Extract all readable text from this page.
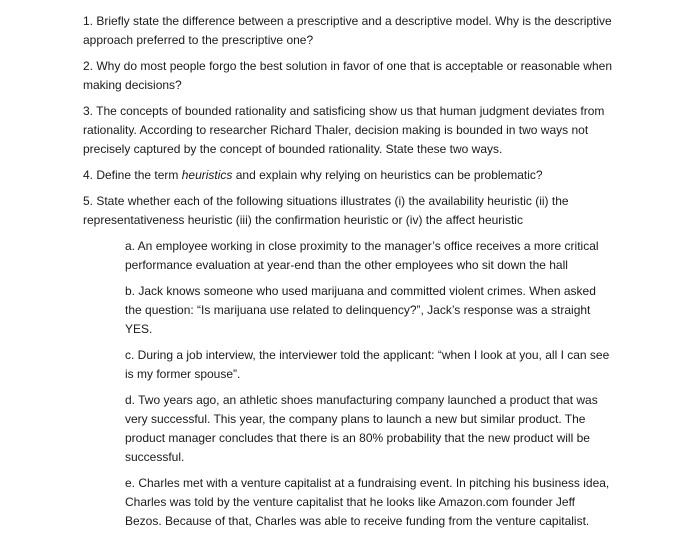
1. Briefly state the difference between a prescriptive and a descriptive model. Why is the descriptive approach preferred to the prescriptive one?

2. Why do most people forgo the best solution in favor of one that is acceptable or reasonable when making decisions?

3. The concepts of bounded rationality and satisficing show us that human judgment deviates from rationality. According to researcher Richard Thaler, decision making is bounded in two ways not precisely captured by the concept of bounded rationality. State these two ways.

4. Define the term heuristics and explain why relying on heuristics can be problematic?

5. State whether each of the following situations illustrates (i) the availability heuristic (ii) the representativeness heuristic (iii) the confirmation heuristic or (iv) the affect heuristic

a. An employee working in close proximity to the manager’s office receives a more critical performance evaluation at year-end than the other employees who sit down the hall

b. Jack knows someone who used marijuana and committed violent crimes. When asked the question: “Is marijuana use related to delinquency?”, Jack’s response was a straight YES.

c. During a job interview, the interviewer told the applicant: “when I look at you, all I can see is my former spouse”.

d. Two years ago, an athletic shoes manufacturing company launched a product that was very successful. This year, the company plans to launch a new but similar product. The product manager concludes that there is an 80% probability that the new product will be successful.

e. Charles met with a venture capitalist at a fundraising event. In pitching his business idea, Charles was told by the venture capitalist that he looks like Amazon.com founder Jeff Bezos. Because of that, Charles was able to receive funding from the venture capitalist.
